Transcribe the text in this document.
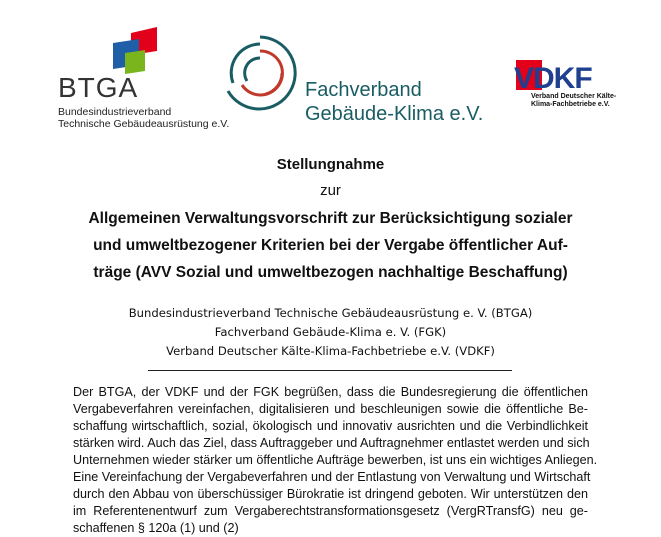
BTGA
Bundesindustrieverband
Technische Gebäudeausrüstung e.V.
Fachverband
Gebäude-Klima e.V.
VDKF
Verband Deutscher Kälte-
Klima-Fachbetriebe e.V.
Stellungnahme
zur
Allgemeinen Verwaltungsvorschrift zur Berücksichtigung sozialer
und umweltbezogener Kriterien bei der Vergabe öffentlicher Auf-
träge (AVV Sozial und umweltbezogen nachhaltige Beschaffung)
Bundesindustrieverband Technische Gebäudeausrüstung e. V. (BTGA)
Fachverband Gebäude-Klima e. V. (FGK)
Verband Deutscher Kälte-Klima-Fachbetriebe e.V. (VDKF)
Der BTGA, der VDKF und der FGK begrüßen, dass die Bundesregierung die öffentlichen
Vergabeverfahren vereinfachen, digitalisieren und beschleunigen sowie die öffentliche Be-
schaffung wirtschaftlich, sozial, ökologisch und innovativ ausrichten und die Verbindlichkeit
stärken wird. Auch das Ziel, dass Auftraggeber und Auftragnehmer entlastet werden und sich
Unternehmen wieder stärker um öffentliche Aufträge bewerben, ist uns ein wichtiges Anliegen.
Eine Vereinfachung der Vergabeverfahren und der Entlastung von Verwaltung und Wirtschaft
durch den Abbau von überschüssiger Bürokratie ist dringend geboten. Wir unterstützen den
im Referentenentwurf zum Vergaberechtstransformationsgesetz (VergRTransfG) neu ge-
schaffenen § 120a (1) und (2)
